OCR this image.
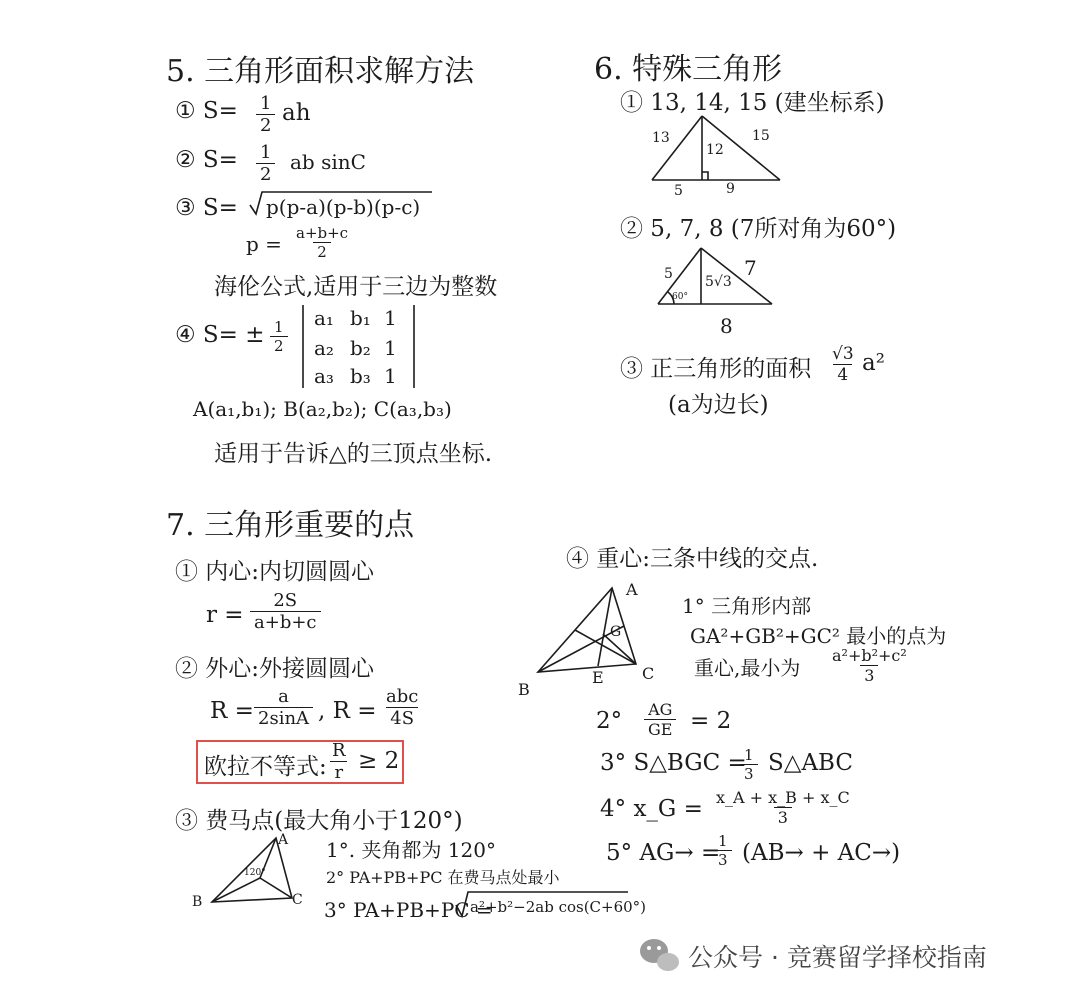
5. 三角形面积求解方法
① $S= \frac{1}{2}$ ah
② $S= \frac{1}{2}$ ab sinC
③ S= p(p-a)(p-b)(p-c)
$p = \frac{a+b+c}{2}$
海伦公式,适用于三边为整数
④ $S= \pm \frac{1}{2} a_1$ b₁ 1
a₂ b₂ 1
a₃ b₃ 1
A(a₁,b₁); B(a₂,b₂); C(a₃,b₃)
适用于告诉△的三顶点坐标.
6. 特殊三角形
① 13, 14, 15 (建坐标系)
13	15
12
5	9
② 5, 7, 8 (7所对角为60°)
5	7
5√3
60°
8
③ 正三角形的面积 $\frac{√3}{4} a^2$
(a为边长)
7. 三角形重要的点
① 内心:内切圆圆心
$r = \frac{2S}{a+b+c}$
② 外心:外接圆圆心
$R = \frac{a}{2\sin A}$ , R =
abc
4S
欧拉不等式: $\frac{R}{r} \ge 2$
③ 费马点(最大角小于120°)
1°. 夹角都为 120°
2° PA+PB+PC 在费马点处最小
3° PA+PB+PC =
a²+b²−2ab cos(C+60°)
A
B	C
120°
④ 重心:三条中线的交点.
A
B
C
E
G
1° 三角形内部
GA²+GB²+GC² 最小的点为
重心,最小为 $\frac{\text{a²+b²+c²}}{3}$
$2^\circ \frac{AG}{GE} = 2$
3° S△BGC =
$\frac{1}{3}$ S△ABC
4° x_G = $\frac{x\_A + x\_B + x\_C}{3}$
5° AG→ =
$\frac{1}{3} (AB\to + AC\to)$
公众号 · 竞赛留学择校指南
